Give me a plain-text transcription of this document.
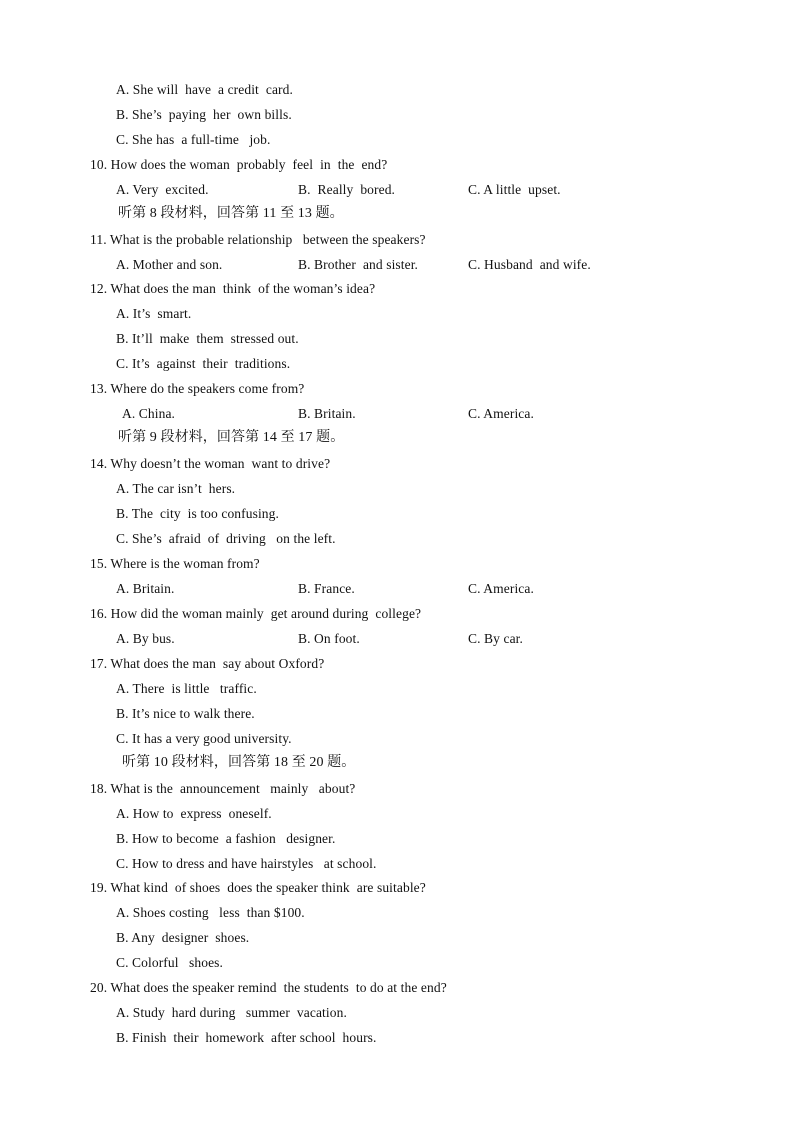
A. She will  have  a credit  card.
B. She’s  paying  her  own bills.
C. She has  a full-time   job.
10. How does the woman  probably  feel  in  the  end?
A. Very  excited.	B.  Really  bored.	C. A little  upset.
听第 8 段材料，回答第 11 至 13 题。
11. What is the probable relationship   between the speakers?
A. Mother and son.	B. Brother  and sister.	C. Husband  and wife.
12. What does the man  think  of the woman’s idea?
A. It’s  smart.
B. It’ll  make  them  stressed out.
C. It’s  against  their  traditions.
13. Where do the speakers come from?
A. China.	B. Britain.	C. America.
听第 9 段材料，回答第 14 至 17 题。
14. Why doesn’t the woman  want to drive?
A. The car isn’t  hers.
B. The  city  is too confusing.
C. She’s  afraid  of  driving   on the left.
15. Where is the woman from?
A. Britain.	B. France.	C. America.
16. How did the woman mainly  get around during  college?
A. By bus.	B. On foot.	C. By car.
17. What does the man  say about Oxford?
A. There  is little   traffic.
B. It’s nice to walk there.
C. It has a very good university.
听第 10 段材料，回答第 18 至 20 题。
18. What is the  announcement   mainly   about?
A. How to  express  oneself.
B. How to become  a fashion   designer.
C. How to dress and have hairstyles   at school.
19. What kind  of shoes  does the speaker think  are suitable?
A. Shoes costing   less  than $100.
B. Any  designer  shoes.
C. Colorful   shoes.
20. What does the speaker remind  the students  to do at the end?
A. Study  hard during   summer  vacation.
B. Finish  their  homework  after school  hours.
